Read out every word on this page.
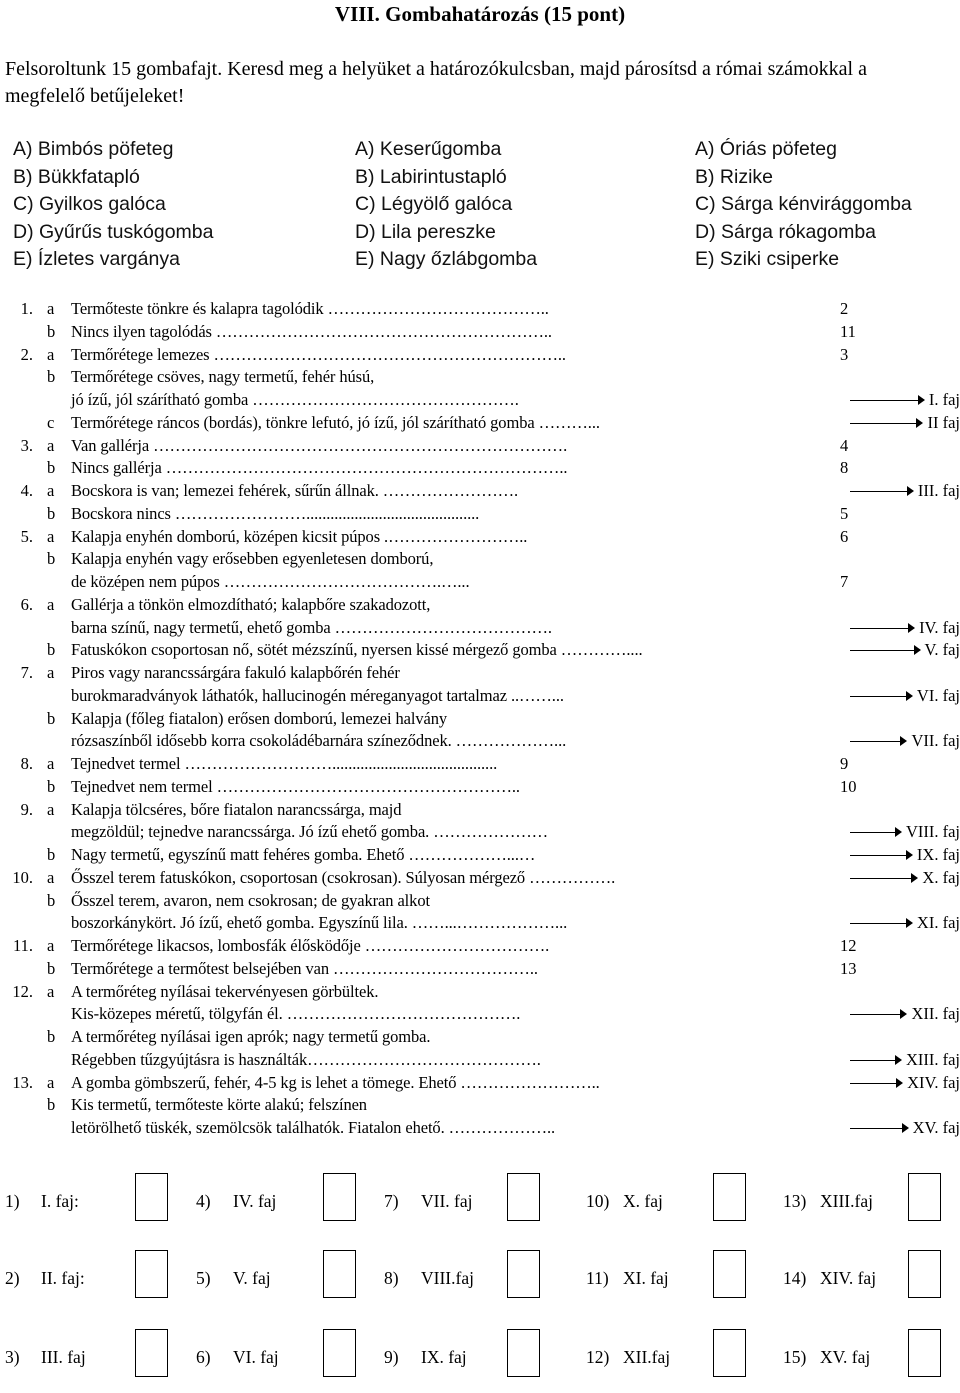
VIII. Gombahatározás (15 pont)
Felsoroltunk 15 gombafajt. Keresd meg a helyüket a határozókulcsban, majd párosítsd a római számokkal a megfelelő betűjeleket!
A) Bimbós pöfeteg
B) Bükkfatapló
C) Gyilkos galóca
D) Gyűrűs tuskógomba
E) Ízletes vargánya
A) Keserűgomba
B) Labirintustapló
C) Légyölő galóca
D) Lila pereszke
E) Nagy őzlábgomba
A) Óriás pöfeteg
B) Rizike
C) Sárga kénvirággomba
D) Sárga rókagomba
E) Sziki csiperke
1. a Termőteste tönkre és kalapra tagolódik …………………………………..	2
b Nincs ilyen tagolódás ……………………………………………………..	11
2. a Termőrétege lemezes ………………………………………………………..	3
b Termőrétege csöves, nagy termetű, fehér húsú,
jó ízű, jól szárítható gomba ………………………………………….	I. faj
c Termőrétege ráncos (bordás), tönkre lefutó, jó ízű, jól szárítható gomba ………...	II faj
3. a Van gallérja ………………………………………………………………….	4
b Nincs gallérja ………………………………………………………………..	8
4. a Bocskora is van; lemezei fehérek, sűrűn állnak. …………………….	III. faj
b Bocskora nincs ……………………...........................................	5
5. a Kalapja enyhén domború, középen kicsit púpos .……………………..	6
b Kalapja enyhén vagy erősebben egyenletesen domború,
de középen nem púpos ………………………………….…...	7
6. a Gallérja a tönkön elmozdítható; kalapbőre szakadozott,
barna színű, nagy termetű, ehető gomba ………………………………….	IV. faj
b Fatuskókon csoportosan nő, sötét mézszínű, nyersen kissé mérgező gomba …………....	V. faj
7. a Piros vagy narancssárgára fakuló kalapbőrén fehér
burokmaradványok láthatók, hallucinogén méreganyagot tartalmaz ..……...	VI. faj
b Kalapja (főleg fiatalon) erősen domború, lemezei halvány
rózsaszínből idősebb korra csokoládébarnára színeződnek. ………………...	VII. faj
8. a Tejnedvet termel ……………………….........................................	9
b Tejnedvet nem termel ………………………………………………..	10
9. a Kalapja tölcséres, bőre fiatalon narancssárga, majd
megzöldül; tejnedve narancssárga. Jó ízű ehető gomba. …………………	VIII. faj
b Nagy termetű, egyszínű matt fehéres gomba. Ehető ………………...…	IX. faj
10. a Ősszel terem fatuskókon, csoportosan (csokrosan). Súlyosan mérgező …………….	X. faj
b Ősszel terem, avaron, nem csokrosan; de gyakran alkot
boszorkánykört. Jó ízű, ehető gomba. Egyszínű lila. ……...………………...	XI. faj
11. a Termőrétege likacsos, lombosfák élősködője …………………………….	12
b Termőrétege a termőtest belsejében van ………………………………..	13
12. a A termőréteg nyílásai tekervényesen görbültek.
Kis-közepes méretű, tölgyfán él. …………………………………….	XII. faj
b A termőréteg nyílásai igen aprók; nagy termetű gomba.
Régebben tűzgyújtásra is használták…………………………………….	XIII. faj
13. a A gomba gömbszerű, fehér, 4-5 kg is lehet a tömege. Ehető ……………………..	XIV. faj
b Kis termetű, termőteste körte alakú; felszínen
letörölhető tüskék, szemölcsök találhatók. Fiatalon ehető. ………………..	XV. faj
1) I. faj:	4) IV. faj	7) VII. faj	10) X. faj	13) XIII.faj
2) II. faj:	5) V. faj	8) VIII.faj	11) XI. faj	14) XIV. faj
3) III. faj	6) VI. faj	9) IX. faj	12) XII.faj	15) XV. faj
